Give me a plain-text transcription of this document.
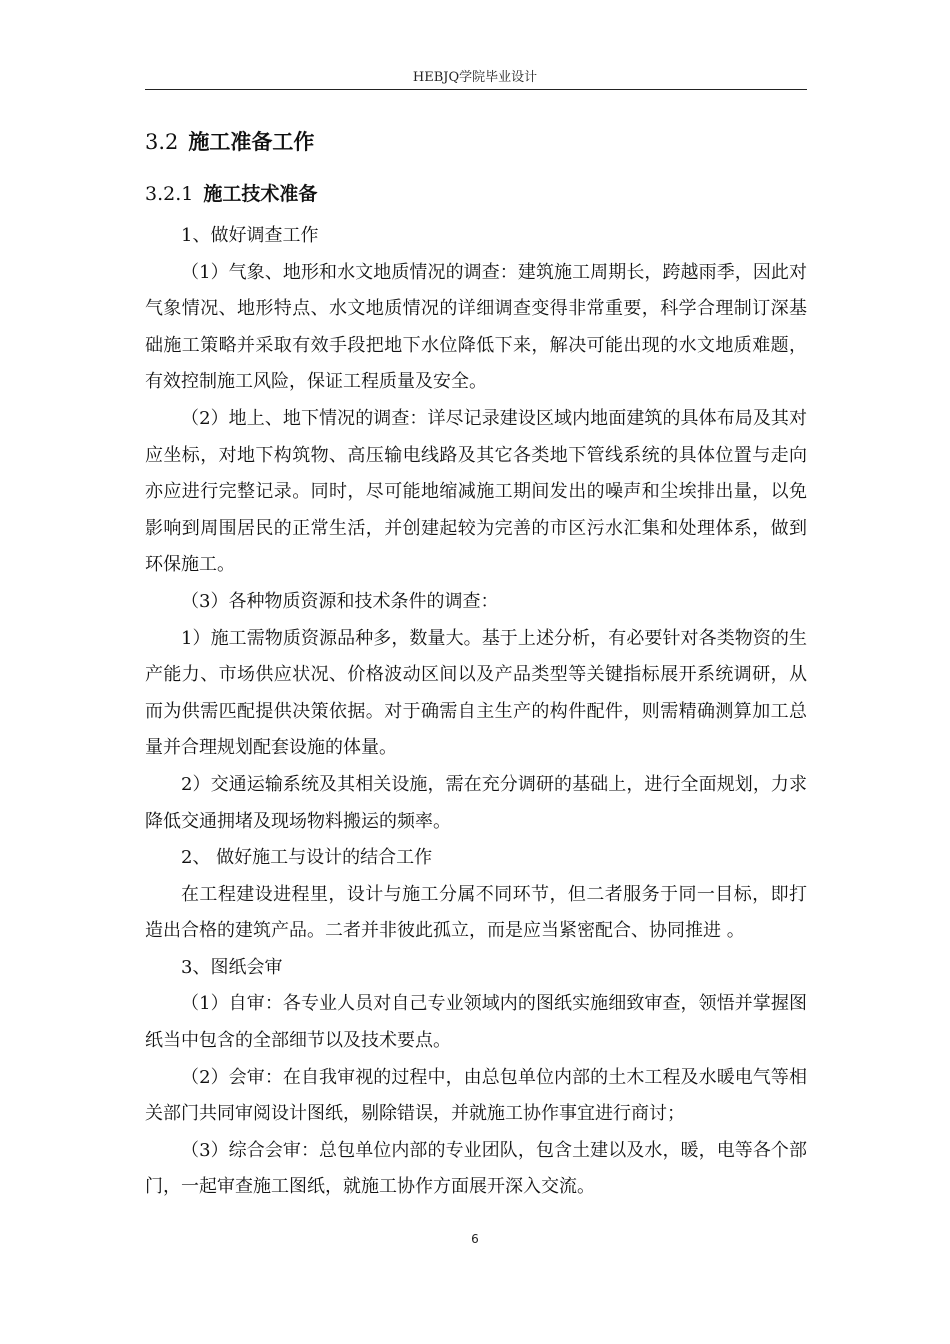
HEBJQ学院毕业设计
3.2 施工准备工作
3.2.1 施工技术准备

1、做好调查工作

（1）气象、地形和水文地质情况的调查：建筑施工周期长，跨越雨季，因此对气象情况、地形特点、水文地质情况的详细调查变得非常重要，科学合理制订深基础施工策略并采取有效手段把地下水位降低下来，解决可能出现的水文地质难题，有效控制施工风险，保证工程质量及安全。

（2）地上、地下情况的调查：详尽记录建设区域内地面建筑的具体布局及其对应坐标，对地下构筑物、高压输电线路及其它各类地下管线系统的具体位置与走向亦应进行完整记录。同时，尽可能地缩减施工期间发出的噪声和尘埃排出量，以免影响到周围居民的正常生活，并创建起较为完善的市区污水汇集和处理体系，做到环保施工。

（3）各种物质资源和技术条件的调查：

1）施工需物质资源品种多，数量大。基于上述分析，有必要针对各类物资的生产能力、市场供应状况、价格波动区间以及产品类型等关键指标展开系统调研，从而为供需匹配提供决策依据。对于确需自主生产的构件配件，则需精确测算加工总量并合理规划配套设施的体量。

2）交通运输系统及其相关设施，需在充分调研的基础上，进行全面规划，力求降低交通拥堵及现场物料搬运的频率。

2、 做好施工与设计的结合工作

在工程建设进程里，设计与施工分属不同环节，但二者服务于同一目标，即打造出合格的建筑产品。二者并非彼此孤立，而是应当紧密配合、协同推进 。

3、图纸会审

（1）自审：各专业人员对自己专业领域内的图纸实施细致审查，领悟并掌握图纸当中包含的全部细节以及技术要点。

（2）会审：在自我审视的过程中，由总包单位内部的土木工程及水暖电气等相关部门共同审阅设计图纸，剔除错误，并就施工协作事宜进行商讨；

（3）综合会审：总包单位内部的专业团队，包含土建以及水，暖，电等各个部门，一起审查施工图纸，就施工协作方面展开深入交流。

6
